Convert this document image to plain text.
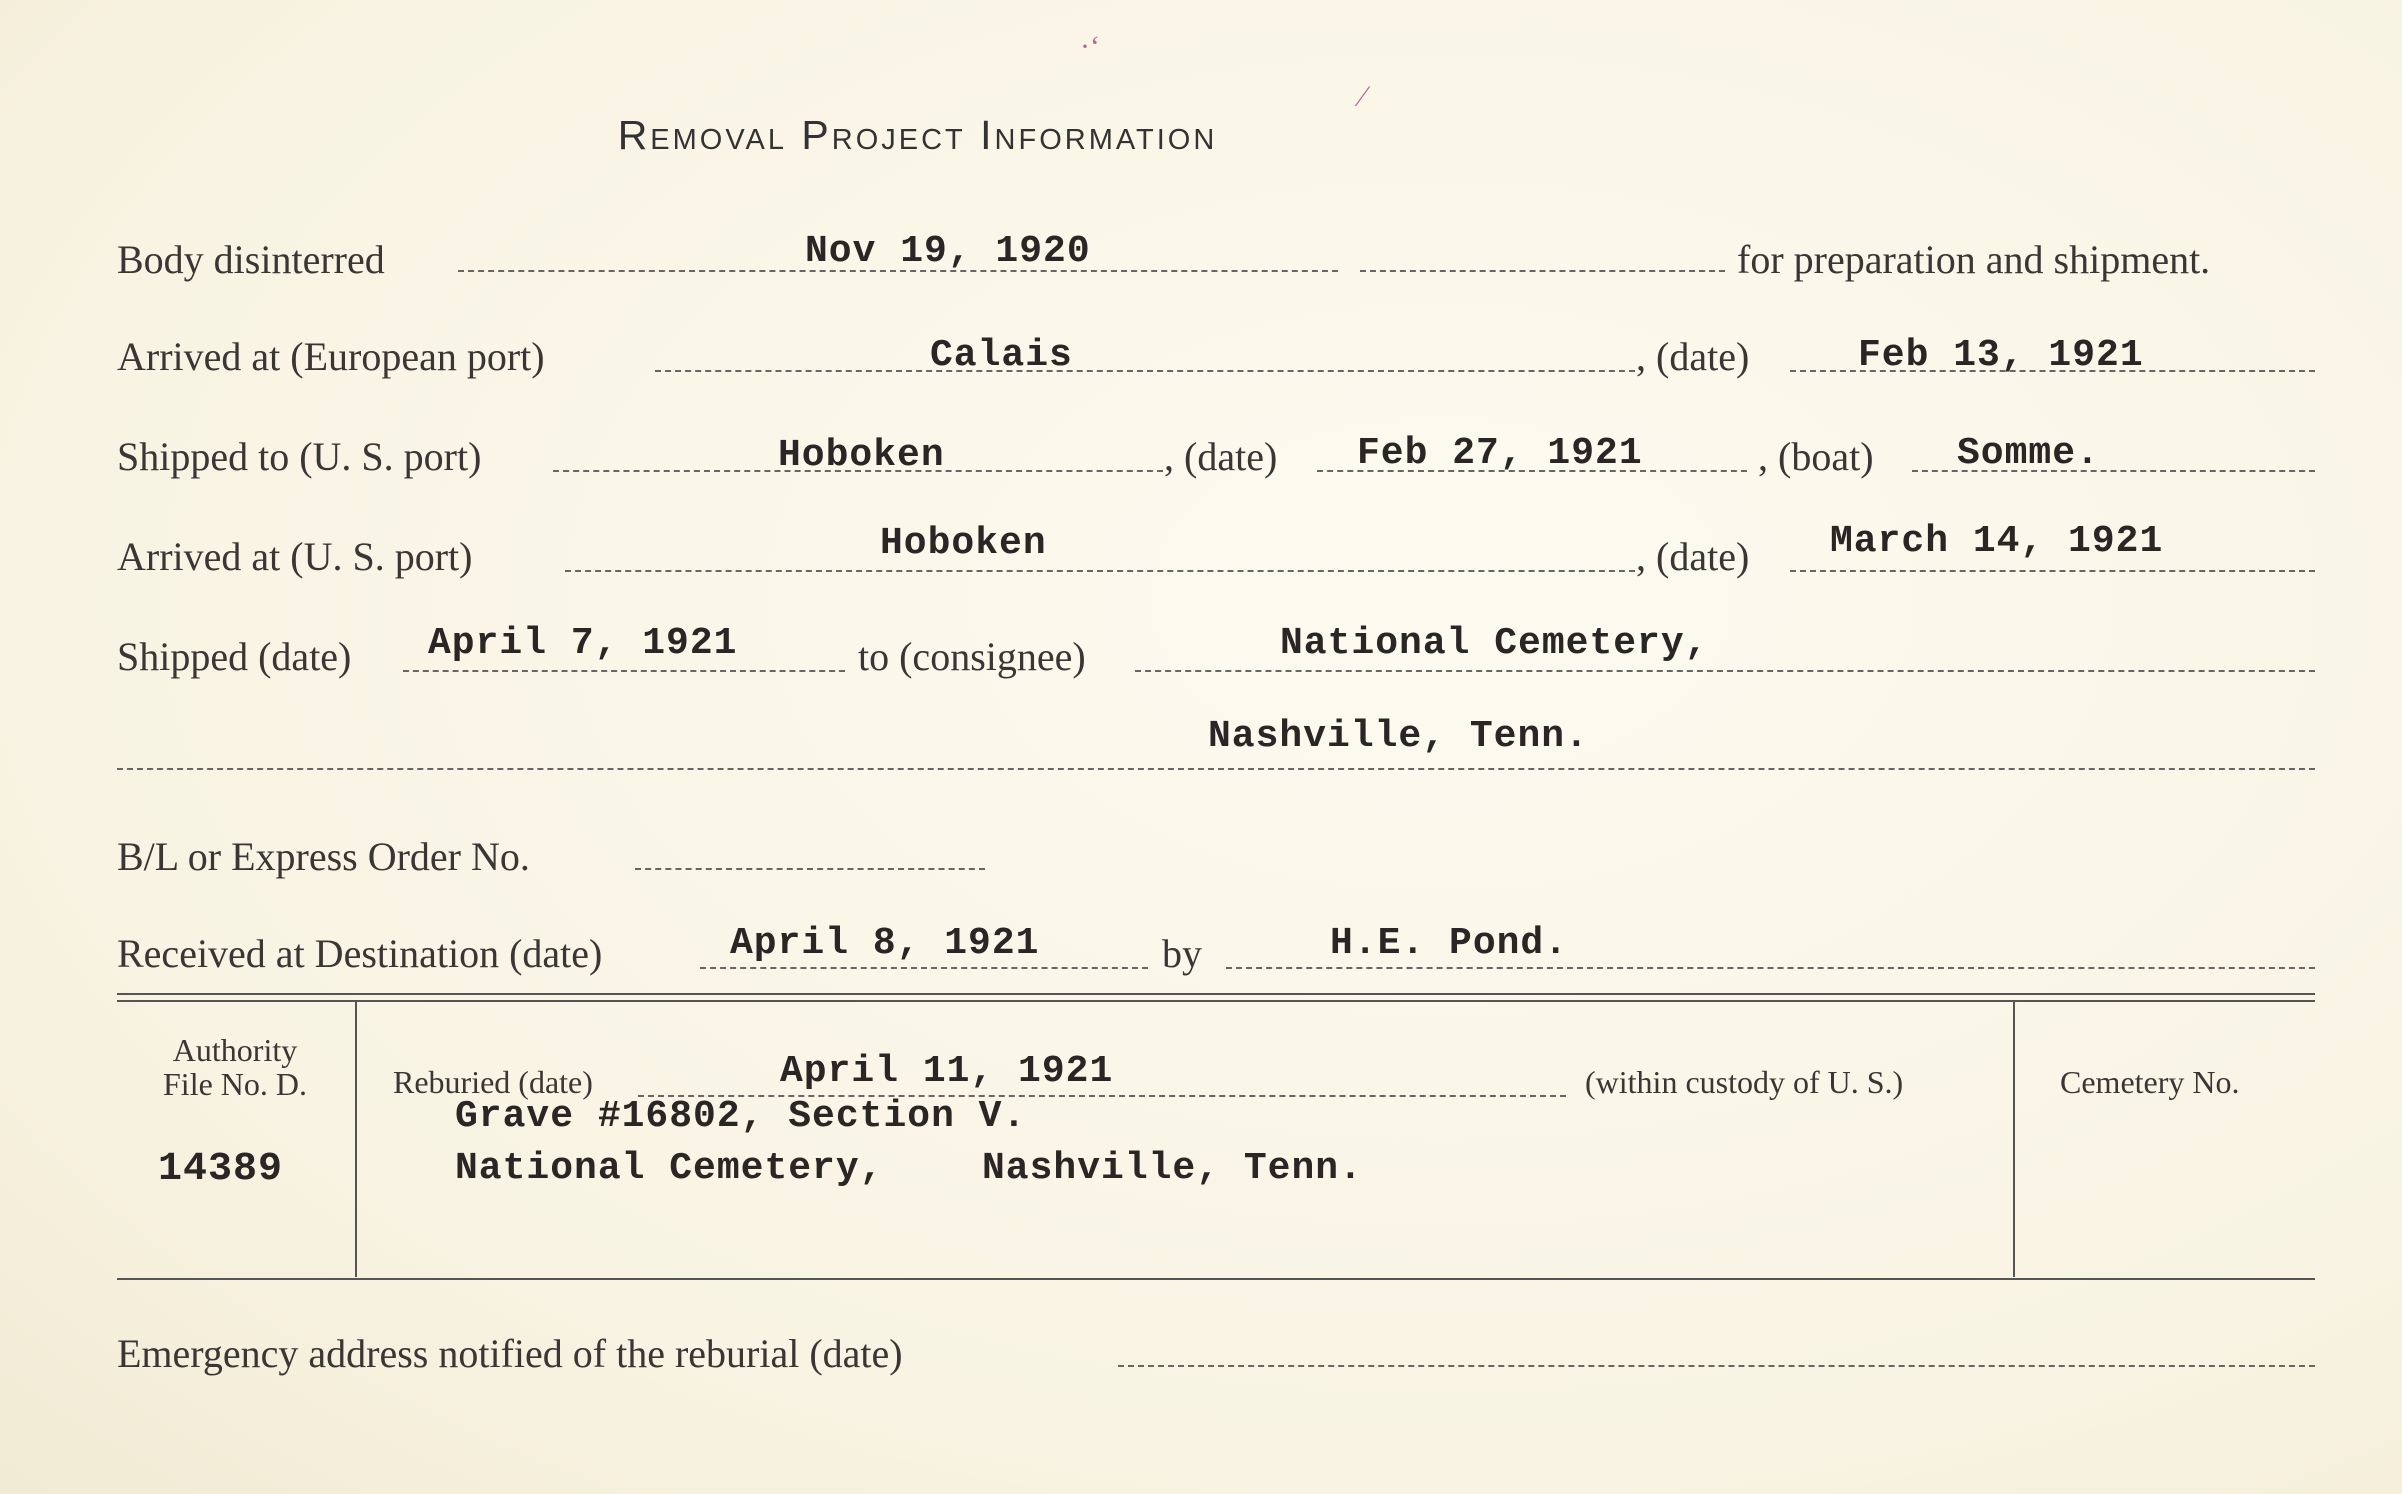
·‘
⁄
Removal Project Information
Body disinterred	Nov 19, 1920	for preparation and shipment.
Arrived at (European port)	Calais	, (date)	Feb 13, 1921
Shipped to (U. S. port)	Hoboken	, (date) Feb 27, 1921	, (boat) Somme.
Arrived at (U. S. port)	Hoboken	, (date) March 14, 1921
Shipped (date) April 7, 1921	to (consignee)	National Cemetery,
Nashville, Tenn.
B/L or Express Order No.
Received at Destination (date)	April 8, 1921	by	H.E. Pond.
Authority
File No. D.
14389
Reburied (date)	April 11, 1921	(within custody of U. S.)
Grave #16802, Section V.
National Cemetery,	Nashville, Tenn.
Cemetery No.
Emergency address notified of the reburial (date)
